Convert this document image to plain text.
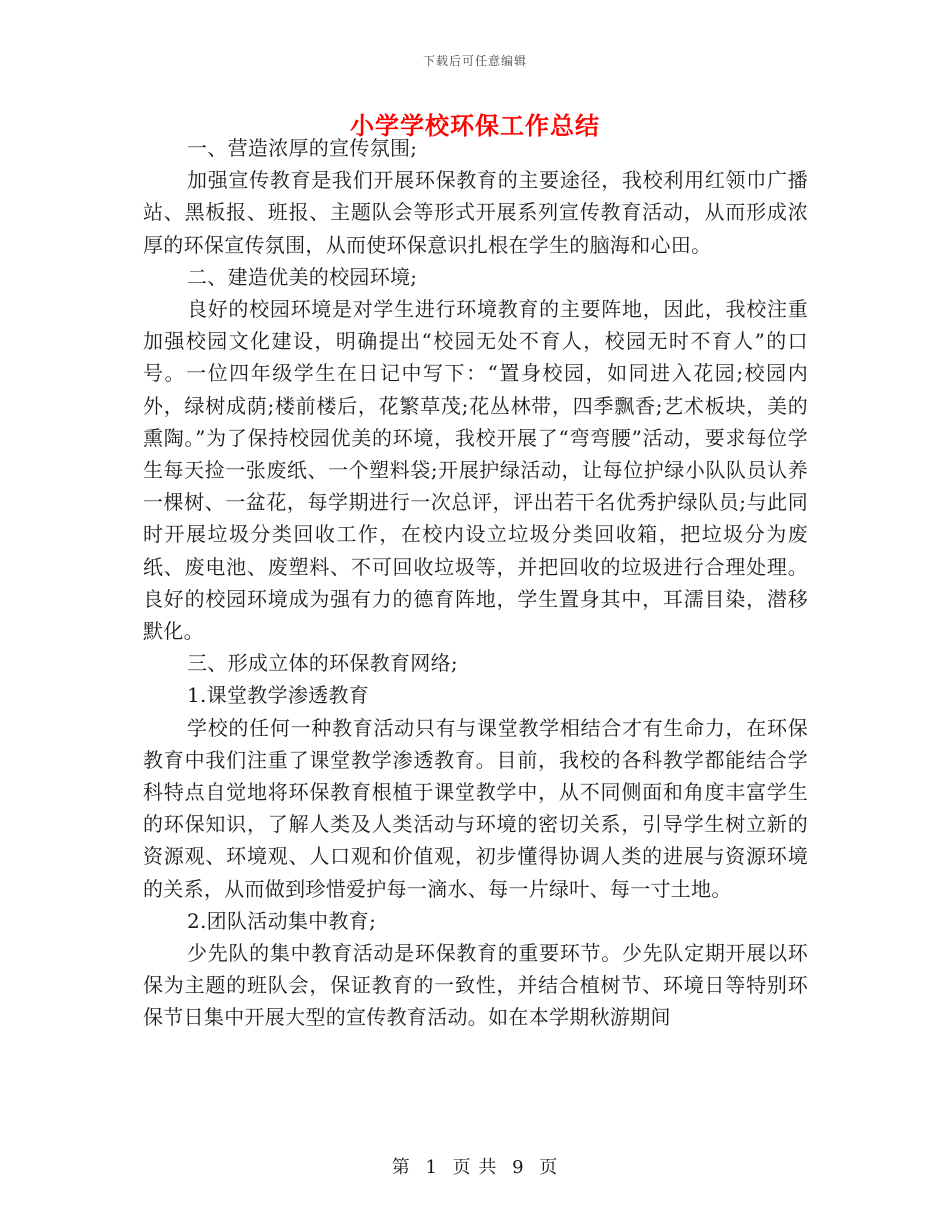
下载后可任意编辑
小学学校环保工作总结

一、营造浓厚的宣传氛围;

加强宣传教育是我们开展环保教育的主要途径，我校利用红领巾广播站、黑板报、班报、主题队会等形式开展系列宣传教育活动，从而形成浓厚的环保宣传氛围，从而使环保意识扎根在学生的脑海和心田。

二、建造优美的校园环境;

良好的校园环境是对学生进行环境教育的主要阵地，因此，我校注重加强校园文化建设，明确提出“校园无处不育人，校园无时不育人”的口号。一位四年级学生在日记中写下：“置身校园，如同进入花园;校园内外，绿树成荫;楼前楼后，花繁草茂;花丛林带，四季飘香;艺术板块，美的熏陶。”为了保持校园优美的环境，我校开展了“弯弯腰”活动，要求每位学生每天捡一张废纸、一个塑料袋;开展护绿活动，让每位护绿小队队员认养一棵树、一盆花，每学期进行一次总评，评出若干名优秀护绿队员;与此同时开展垃圾分类回收工作，在校内设立垃圾分类回收箱，把垃圾分为废纸、废电池、废塑料、不可回收垃圾等，并把回收的垃圾进行合理处理。良好的校园环境成为强有力的德育阵地，学生置身其中，耳濡目染，潜移默化。

三、形成立体的环保教育网络;

1.课堂教学渗透教育

学校的任何一种教育活动只有与课堂教学相结合才有生命力，在环保教育中我们注重了课堂教学渗透教育。目前，我校的各科教学都能结合学科特点自觉地将环保教育根植于课堂教学中，从不同侧面和角度丰富学生的环保知识，了解人类及人类活动与环境的密切关系，引导学生树立新的资源观、环境观、人口观和价值观，初步懂得协调人类的进展与资源环境的关系，从而做到珍惜爱护每一滴水、每一片绿叶、每一寸土地。

2.团队活动集中教育;

少先队的集中教育活动是环保教育的重要环节。少先队定期开展以环保为主题的班队会，保证教育的一致性，并结合植树节、环境日等特别环保节日集中开展大型的宣传教育活动。如在本学期秋游期间

第 1 页 共 9 页
